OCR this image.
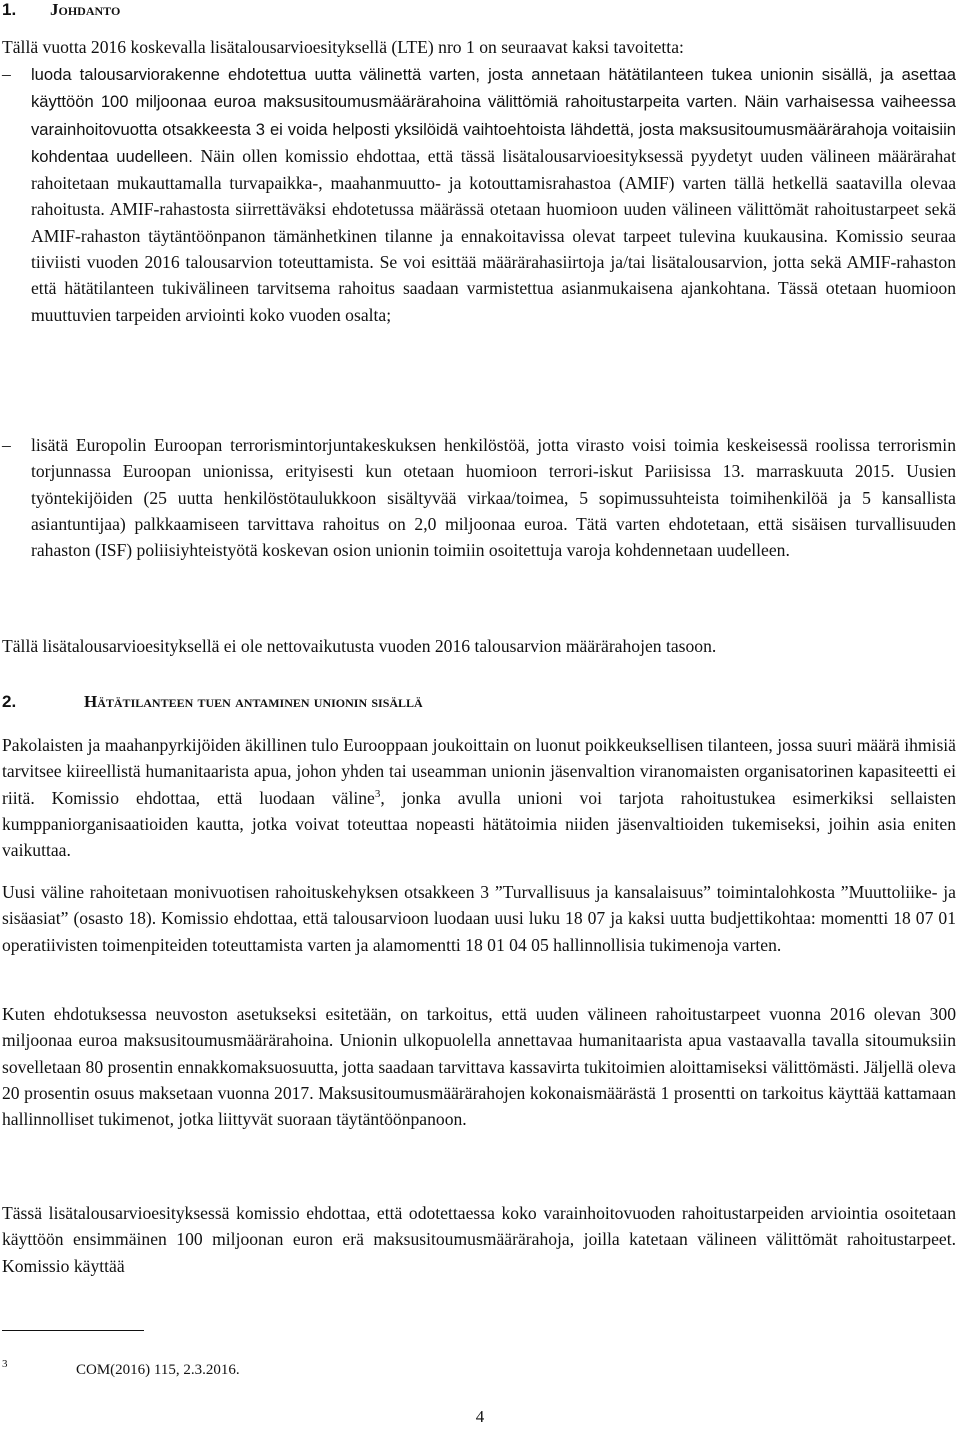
1. Johdanto

Tällä vuotta 2016 koskevalla lisätalousarvioesityksellä (LTE) nro 1 on seuraavat kaksi tavoitetta:

–	luoda talousarviorakenne ehdotettua uutta välinettä varten, josta annetaan hätätilanteen tukea unionin sisällä, ja asettaa käyttöön 100 miljoonaa euroa maksusitoumusmäärärahoina välittömiä rahoitustarpeita varten. Näin varhaisessa vaiheessa varainhoitovuotta otsakkeesta 3 ei voida helposti yksilöidä vaihtoehtoista lähdettä, josta maksusitoumusmäärärahoja voitaisiin kohdentaa uudelleen. Näin ollen komissio ehdottaa, että tässä lisätalousarvioesityksessä pyydetyt uuden välineen määrärahat rahoitetaan mukauttamalla turvapaikka-, maahanmuutto- ja kotouttamisrahastoa (AMIF) varten tällä hetkellä saatavilla olevaa rahoitusta. AMIF-rahastosta siirrettäväksi ehdotetussa määrässä otetaan huomioon uuden välineen välittömät rahoitustarpeet sekä AMIF-rahaston täytäntöönpanon tämänhetkinen tilanne ja ennakoitavissa olevat tarpeet tulevina kuukausina. Komissio seuraa tiiviisti vuoden 2016 talousarvion toteuttamista. Se voi esittää määrärahasiirtoja ja/tai lisätalousarvion, jotta sekä AMIF-rahaston että hätätilanteen tukivälineen tarvitsema rahoitus saadaan varmistettua asianmukaisena ajankohtana. Tässä otetaan huomioon muuttuvien tarpeiden arviointi koko vuoden osalta;
–	lisätä Europolin Euroopan terrorismintorjuntakeskuksen henkilöstöä, jotta virasto voisi toimia keskeisessä roolissa terrorismin torjunnassa Euroopan unionissa, erityisesti kun otetaan huomioon terrori-iskut Pariisissa 13. marraskuuta 2015. Uusien työntekijöiden (25 uutta henkilöstötaulukkoon sisältyvää virkaa/toimea, 5 sopimussuhteista toimihenkilöä ja 5 kansallista asiantuntijaa) palkkaamiseen tarvittava rahoitus on 2,0 miljoonaa euroa. Tätä varten ehdotetaan, että sisäisen turvallisuuden rahaston (ISF) poliisiyhteistyötä koskevan osion unionin toimiin osoitettuja varoja kohdennetaan uudelleen.

Tällä lisätalousarvioesityksellä ei ole nettovaikutusta vuoden 2016 talousarvion määrärahojen tasoon.

2.	Hätätilanteen tuen antaminen unionin sisällä

Pakolaisten ja maahanpyrkijöiden äkillinen tulo Eurooppaan joukoittain on luonut poikkeuksellisen tilanteen, jossa suuri määrä ihmisiä tarvitsee kiireellistä humanitaarista apua, johon yhden tai useamman unionin jäsenvaltion viranomaisten organisatorinen kapasiteetti ei riitä. Komissio ehdottaa, että luodaan väline$^3$, jonka avulla unioni voi tarjota rahoitustukea esimerkiksi sellaisten kumppaniorganisaatioiden kautta, jotka voivat toteuttaa nopeasti hätätoimia niiden jäsenvaltioiden tukemiseksi, joihin asia eniten vaikuttaa.

Uusi väline rahoitetaan monivuotisen rahoituskehyksen otsakkeen 3 ”Turvallisuus ja kansalaisuus” toimintalohkosta ”Muuttoliike- ja sisäasiat” (osasto 18). Komissio ehdottaa, että talousarvioon luodaan uusi luku 18 07 ja kaksi uutta budjettikohtaa: momentti 18 07 01 operatiivisten toimenpiteiden toteuttamista varten ja alamomentti 18 01 04 05 hallinnollisia tukimenoja varten.

Kuten ehdotuksessa neuvoston asetukseksi esitetään, on tarkoitus, että uuden välineen rahoitustarpeet vuonna 2016 olevan 300 miljoonaa euroa maksusitoumusmäärärahoina. Unionin ulkopuolella annettavaa humanitaarista apua vastaavalla tavalla sitoumuksiin sovelletaan 80 prosentin ennakkomaksuosuutta, jotta saadaan tarvittava kassavirta tukitoimien aloittamiseksi välittömästi. Jäljellä oleva 20 prosentin osuus maksetaan vuonna 2017. Maksusitoumusmäärärahojen kokonaismäärästä 1 prosentti on tarkoitus käyttää kattamaan hallinnolliset tukimenot, jotka liittyvät suoraan täytäntöönpanoon.

Tässä lisätalousarvioesityksessä komissio ehdottaa, että odotettaessa koko varainhoitovuoden rahoitustarpeiden arviointia osoitetaan käyttöön ensimmäinen 100 miljoonan euron erä maksusitoumusmäärärahoja, joilla katetaan välineen välittömät rahoitustarpeet. Komissio käyttää

3	COM(2016) 115, 2.3.2016.
4
